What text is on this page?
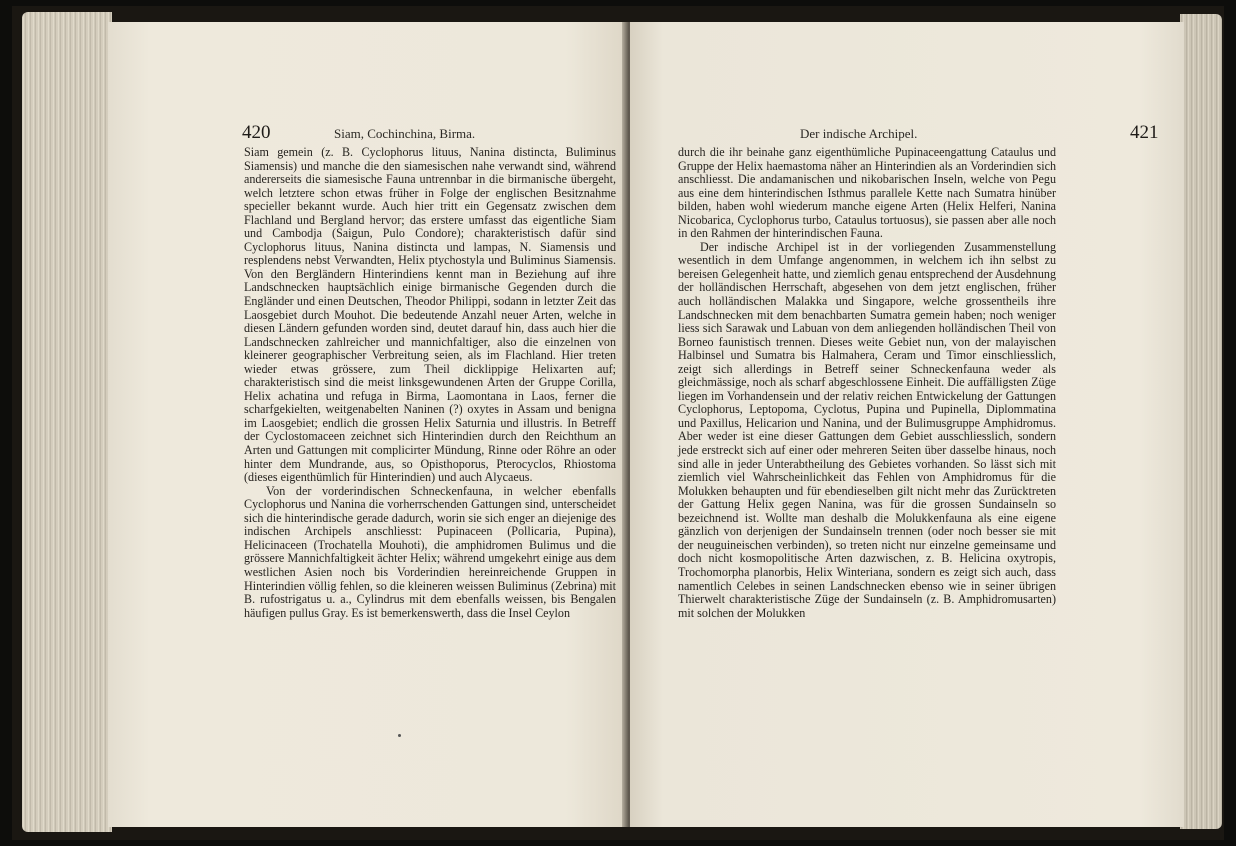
420	Siam, Cochinchina, Birma.

Siam gemein (z. B. Cyclophorus lituus, Nanina distincta, Buliminus Siamensis) und manche die den siamesischen nahe verwandt sind, während andererseits die siamesische Fauna untrennbar in die birmanische übergeht, welch letztere schon etwas früher in Folge der englischen Besitznahme specieller bekannt wurde. Auch hier tritt ein Gegensatz zwischen dem Flachland und Bergland hervor; das erstere umfasst das eigentliche Siam und Cambodja (Saigun, Pulo Condore); charakteristisch dafür sind Cyclophorus lituus, Nanina distincta und lampas, N. Siamensis und resplendens nebst Verwandten, Helix ptychostyla und Buliminus Siamensis. Von den Bergländern Hinterindiens kennt man in Beziehung auf ihre Landschnecken hauptsächlich einige birmanische Gegenden durch die Engländer und einen Deutschen, Theodor Philippi, sodann in letzter Zeit das Laosgebiet durch Mouhot. Die bedeutende Anzahl neuer Arten, welche in diesen Ländern gefunden worden sind, deutet darauf hin, dass auch hier die Landschnecken zahlreicher und mannichfaltiger, also die einzelnen von kleinerer geographischer Verbreitung seien, als im Flachland. Hier treten wieder etwas grössere, zum Theil dicklippige Helixarten auf; charakteristisch sind die meist linksgewundenen Arten der Gruppe Corilla, Helix achatina und refuga in Birma, Laomontana in Laos, ferner die scharfgekielten, weitgenabelten Naninen (?) oxytes in Assam und benigna im Laosgebiet; endlich die grossen Helix Saturnia und illustris. In Betreff der Cyclostomaceen zeichnet sich Hinterindien durch den Reichthum an Arten und Gattungen mit complicirter Mündung, Rinne oder Röhre an oder hinter dem Mundrande, aus, so Opisthoporus, Pterocyclos, Rhiostoma (dieses eigenthümlich für Hinterindien) und auch Alycaeus.

Von der vorderindischen Schneckenfauna, in welcher ebenfalls Cyclophorus und Nanina die vorherrschenden Gattungen sind, unterscheidet sich die hinterindische gerade dadurch, worin sie sich enger an diejenige des indischen Archipels anschliesst: Pupinaceen (Pollicaria, Pupina), Helicinaceen (Trochatella Mouhoti), die amphidromen Bulimus und die grössere Mannichfaltigkeit ächter Helix; während umgekehrt einige aus dem westlichen Asien noch bis Vorderindien hereinreichende Gruppen in Hinterindien völlig fehlen, so die kleineren weissen Buliminus (Zebrina) mit B. rufostrigatus u. a., Cylindrus mit dem ebenfalls weissen, bis Bengalen häufigen pullus Gray. Es ist bemerkenswerth, dass die Insel Ceylon

Der indische Archipel.	421

durch die ihr beinahe ganz eigenthümliche Pupinaceengattung Cataulus und Gruppe der Helix haemastoma näher an Hinterindien als an Vorderindien sich anschliesst. Die andamanischen und nikobarischen Inseln, welche von Pegu aus eine dem hinterindischen Isthmus parallele Kette nach Sumatra hinüber bilden, haben wohl wiederum manche eigene Arten (Helix Helferi, Nanina Nicobarica, Cyclophorus turbo, Cataulus tortuosus), sie passen aber alle noch in den Rahmen der hinterindischen Fauna.

Der indische Archipel ist in der vorliegenden Zusammenstellung wesentlich in dem Umfange angenommen, in welchem ich ihn selbst zu bereisen Gelegenheit hatte, und ziemlich genau entsprechend der Ausdehnung der holländischen Herrschaft, abgesehen von dem jetzt englischen, früher auch holländischen Malakka und Singapore, welche grossentheils ihre Landschnecken mit dem benachbarten Sumatra gemein haben; noch weniger liess sich Sarawak und Labuan von dem anliegenden holländischen Theil von Borneo faunistisch trennen. Dieses weite Gebiet nun, von der malayischen Halbinsel und Sumatra bis Halmahera, Ceram und Timor einschliesslich, zeigt sich allerdings in Betreff seiner Schneckenfauna weder als gleichmässige, noch als scharf abgeschlossene Einheit. Die auffälligsten Züge liegen im Vorhandensein und der relativ reichen Entwickelung der Gattungen Cyclophorus, Leptopoma, Cyclotus, Pupina und Pupinella, Diplommatina und Paxillus, Helicarion und Nanina, und der Bulimusgruppe Amphidromus. Aber weder ist eine dieser Gattungen dem Gebiet ausschliesslich, sondern jede erstreckt sich auf einer oder mehreren Seiten über dasselbe hinaus, noch sind alle in jeder Unterabtheilung des Gebietes vorhanden. So lässt sich mit ziemlich viel Wahrscheinlichkeit das Fehlen von Amphidromus für die Molukken behaupten und für ebendieselben gilt nicht mehr das Zurücktreten der Gattung Helix gegen Nanina, was für die grossen Sundainseln so bezeichnend ist. Wollte man deshalb die Molukkenfauna als eine eigene gänzlich von derjenigen der Sundainseln trennen (oder noch besser sie mit der neuguineischen verbinden), so treten nicht nur einzelne gemeinsame und doch nicht kosmopolitische Arten dazwischen, z. B. Helicina oxytropis, Trochomorpha planorbis, Helix Winteriana, sondern es zeigt sich auch, dass namentlich Celebes in seinen Landschnecken ebenso wie in seiner übrigen Thierwelt charakteristische Züge der Sundainseln (z. B. Amphidromusarten) mit solchen der Molukken
